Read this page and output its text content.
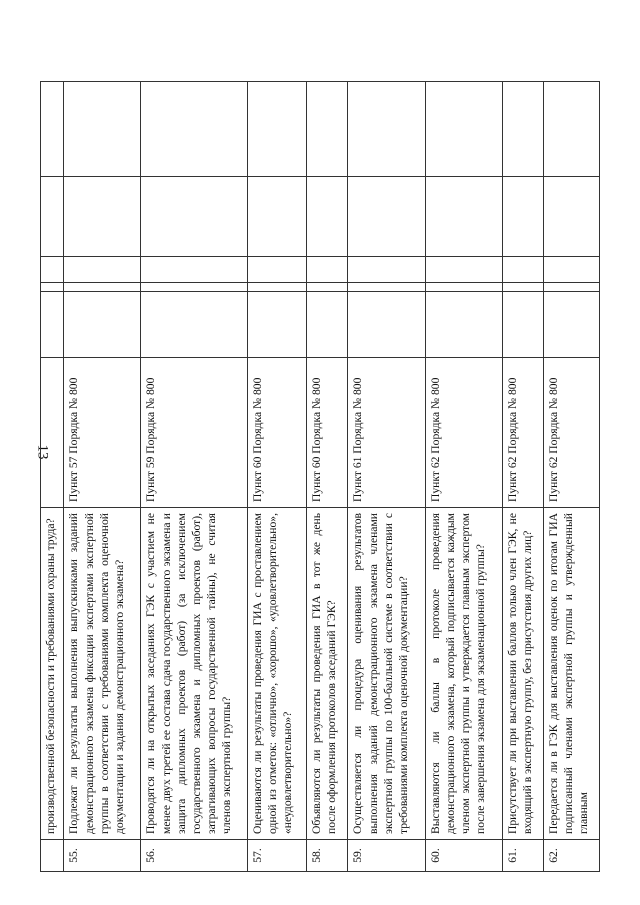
13
	производственной безопасности и требованиями охраны труда?						
55.	Подлежат ли результаты выполнения выпускниками заданий демонстрационного экзамена фиксации экспертами экспертной группы в соответствии с требованиями комплекта оценочной документации и задания демонстрационного экзамена?	Пункт 57 Порядка № 800					
56.	Проводятся ли на открытых заседаниях ГЭК с участием не менее двух третей ее состава сдача государственного экзамена и защита дипломных проектов (работ) (за исключением государственного экзамена и дипломных проектов (работ), затрагивающих вопросы государственной тайны), не считая членов экспертной группы?	Пункт 59 Порядка № 800					
57.	Оцениваются ли результаты проведения ГИА с проставлением одной из отметок: «отлично», «хорошо», «удовлетворительно», «неудовлетворительно»?	Пункт 60 Порядка № 800					
58.	Объявляются ли результаты проведения ГИА в тот же день после оформления протоколов заседаний ГЭК?	Пункт 60 Порядка № 800					
59.	Осуществляется ли процедура оценивания результатов выполнения заданий демонстрационного экзамена членами экспертной группы по 100-балльной системе в соответствии с требованиями комплекта оценочной документации?	Пункт 61 Порядка № 800					
60.	Выставляются ли баллы в протоколе проведения демонстрационного экзамена, который подписывается каждым членом экспертной группы и утверждается главным экспертом после завершения экзамена для экзаменационной группы?	Пункт 62 Порядка № 800					
61.	Присутствует ли при выставлении баллов только член ГЭК, не входящий в экспертную группу, без присутствия других лиц?	Пункт 62 Порядка № 800					
62.	Передается ли в ГЭК для выставления оценок по итогам ГИА подписанный членами экспертной группы и утвержденный главным	Пункт 62 Порядка № 800					
